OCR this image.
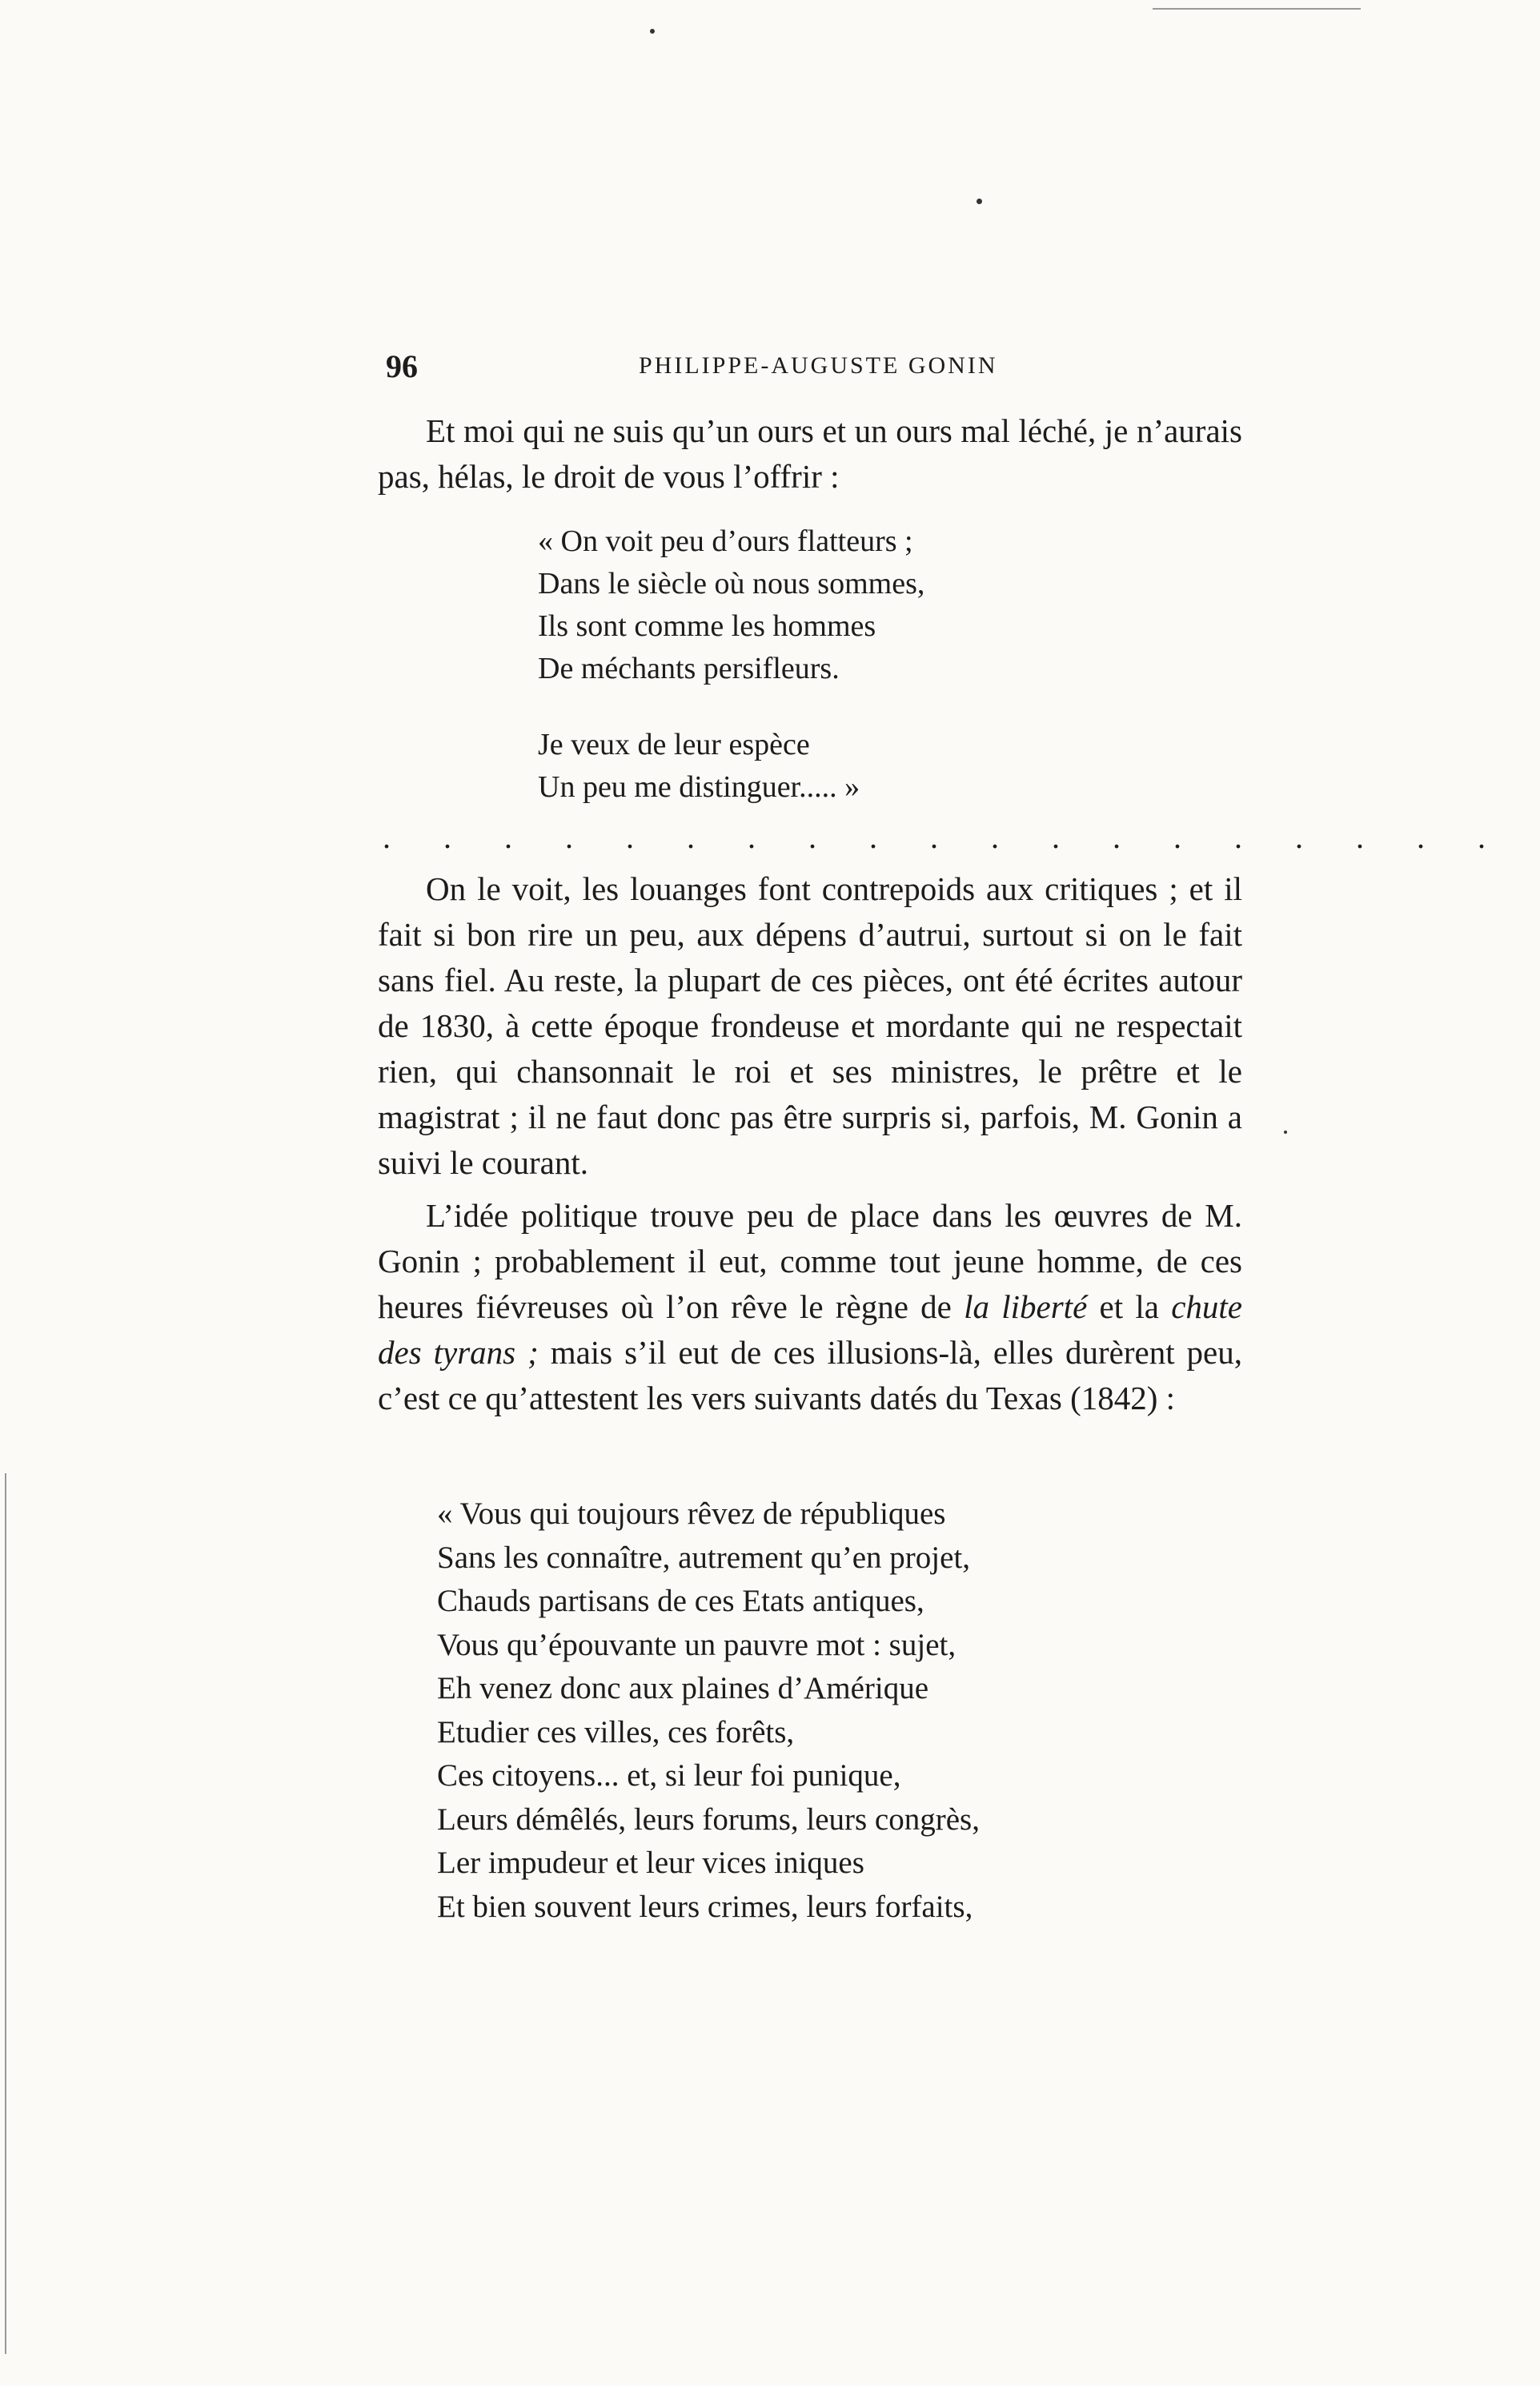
96	PHILIPPE-AUGUSTE GONIN

Et moi qui ne suis qu’un ours et un ours mal léché, je n’aurais pas, hélas, le droit de vous l’offrir :

« On voit peu d’ours flatteurs ;
Dans le siècle où nous sommes,
Ils sont comme les hommes
De méchants persifleurs.
Je veux de leur espèce
Un peu me distinguer..... »
. . . . . . . . . . . . . . . . . . .

On le voit, les louanges font contrepoids aux critiques ; et il fait si bon rire un peu, aux dépens d’autrui, surtout si on le fait sans fiel. Au reste, la plupart de ces pièces, ont été écrites autour de 1830, à cette époque frondeuse et mordante qui ne respectait rien, qui chansonnait le roi et ses ministres, le prêtre et le magistrat ; il ne faut donc pas être surpris si, parfois, M. Gonin a suivi le courant.

L’idée politique trouve peu de place dans les œuvres de M. Gonin ; probablement il eut, comme tout jeune homme, de ces heures fiévreuses où l’on rêve le règne de la liberté et la chute des tyrans ; mais s’il eut de ces illusions-là, elles durèrent peu, c’est ce qu’attestent les vers suivants datés du Texas (1842) :

« Vous qui toujours rêvez de républiques
Sans les connaître, autrement qu’en projet,
Chauds partisans de ces Etats antiques,
Vous qu’épouvante un pauvre mot : sujet,
Eh venez donc aux plaines d’Amérique
Etudier ces villes, ces forêts,
Ces citoyens... et, si leur foi punique,
Leurs démêlés, leurs forums, leurs congrès,
Ler impudeur et leur vices iniques
Et bien souvent leurs crimes, leurs forfaits,
